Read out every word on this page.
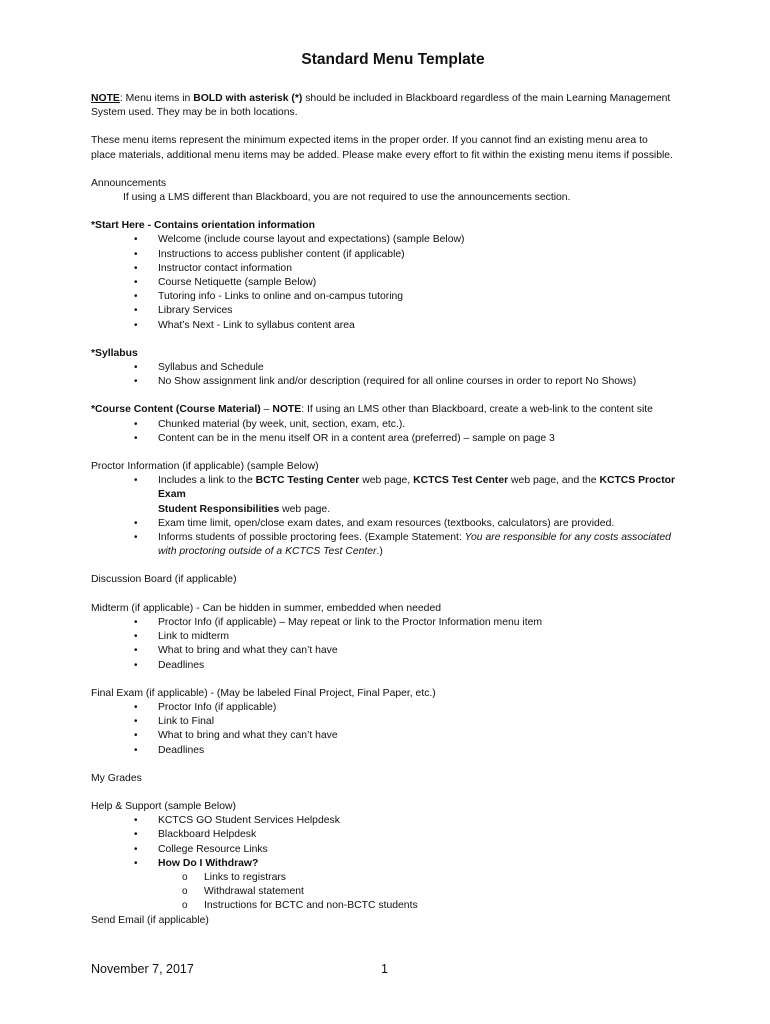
Standard Menu Template

NOTE: Menu items in BOLD with asterisk (*) should be included in Blackboard regardless of the main Learning Management
System used. They may be in both locations.

These menu items represent the minimum expected items in the proper order. If you cannot find an existing menu area to
place materials, additional menu items may be added. Please make every effort to fit within the existing menu items if possible.

Announcements

If using a LMS different than Blackboard, you are not required to use the announcements section.

*Start Here - Contains orientation information

• Welcome (include course layout and expectations) (sample Below)
• Instructions to access publisher content (if applicable)
• Instructor contact information
• Course Netiquette (sample Below)
• Tutoring info - Links to online and on-campus tutoring
• Library Services
• What’s Next - Link to syllabus content area

*Syllabus

• Syllabus and Schedule
• No Show assignment link and/or description (required for all online courses in order to report No Shows)

*Course Content (Course Material) – NOTE: If using an LMS other than Blackboard, create a web-link to the content site

• Chunked material (by week, unit, section, exam, etc.).
• Content can be in the menu itself OR in a content area (preferred) – sample on page 3

Proctor Information (if applicable) (sample Below)

• Includes a link to the BCTC Testing Center web page, KCTCS Test Center web page, and the KCTCS Proctor Exam
Student Responsibilities web page.
• Exam time limit, open/close exam dates, and exam resources (textbooks, calculators) are provided.
• Informs students of possible proctoring fees. (Example Statement: You are responsible for any costs associated
with proctoring outside of a KCTCS Test Center.)

Discussion Board (if applicable)

Midterm (if applicable) - Can be hidden in summer, embedded when needed

• Proctor Info (if applicable) – May repeat or link to the Proctor Information menu item
• Link to midterm
• What to bring and what they can’t have
• Deadlines

Final Exam (if applicable) - (May be labeled Final Project, Final Paper, etc.)

• Proctor Info (if applicable)
• Link to Final
• What to bring and what they can’t have
• Deadlines

My Grades

Help & Support (sample Below)

• KCTCS GO Student Services Helpdesk
• Blackboard Helpdesk
• College Resource Links
• How Do I Withdraw?
o Links to registrars
o Withdrawal statement
o Instructions for BCTC and non-BCTC students

Send Email (if applicable)

November 7, 2017	1
